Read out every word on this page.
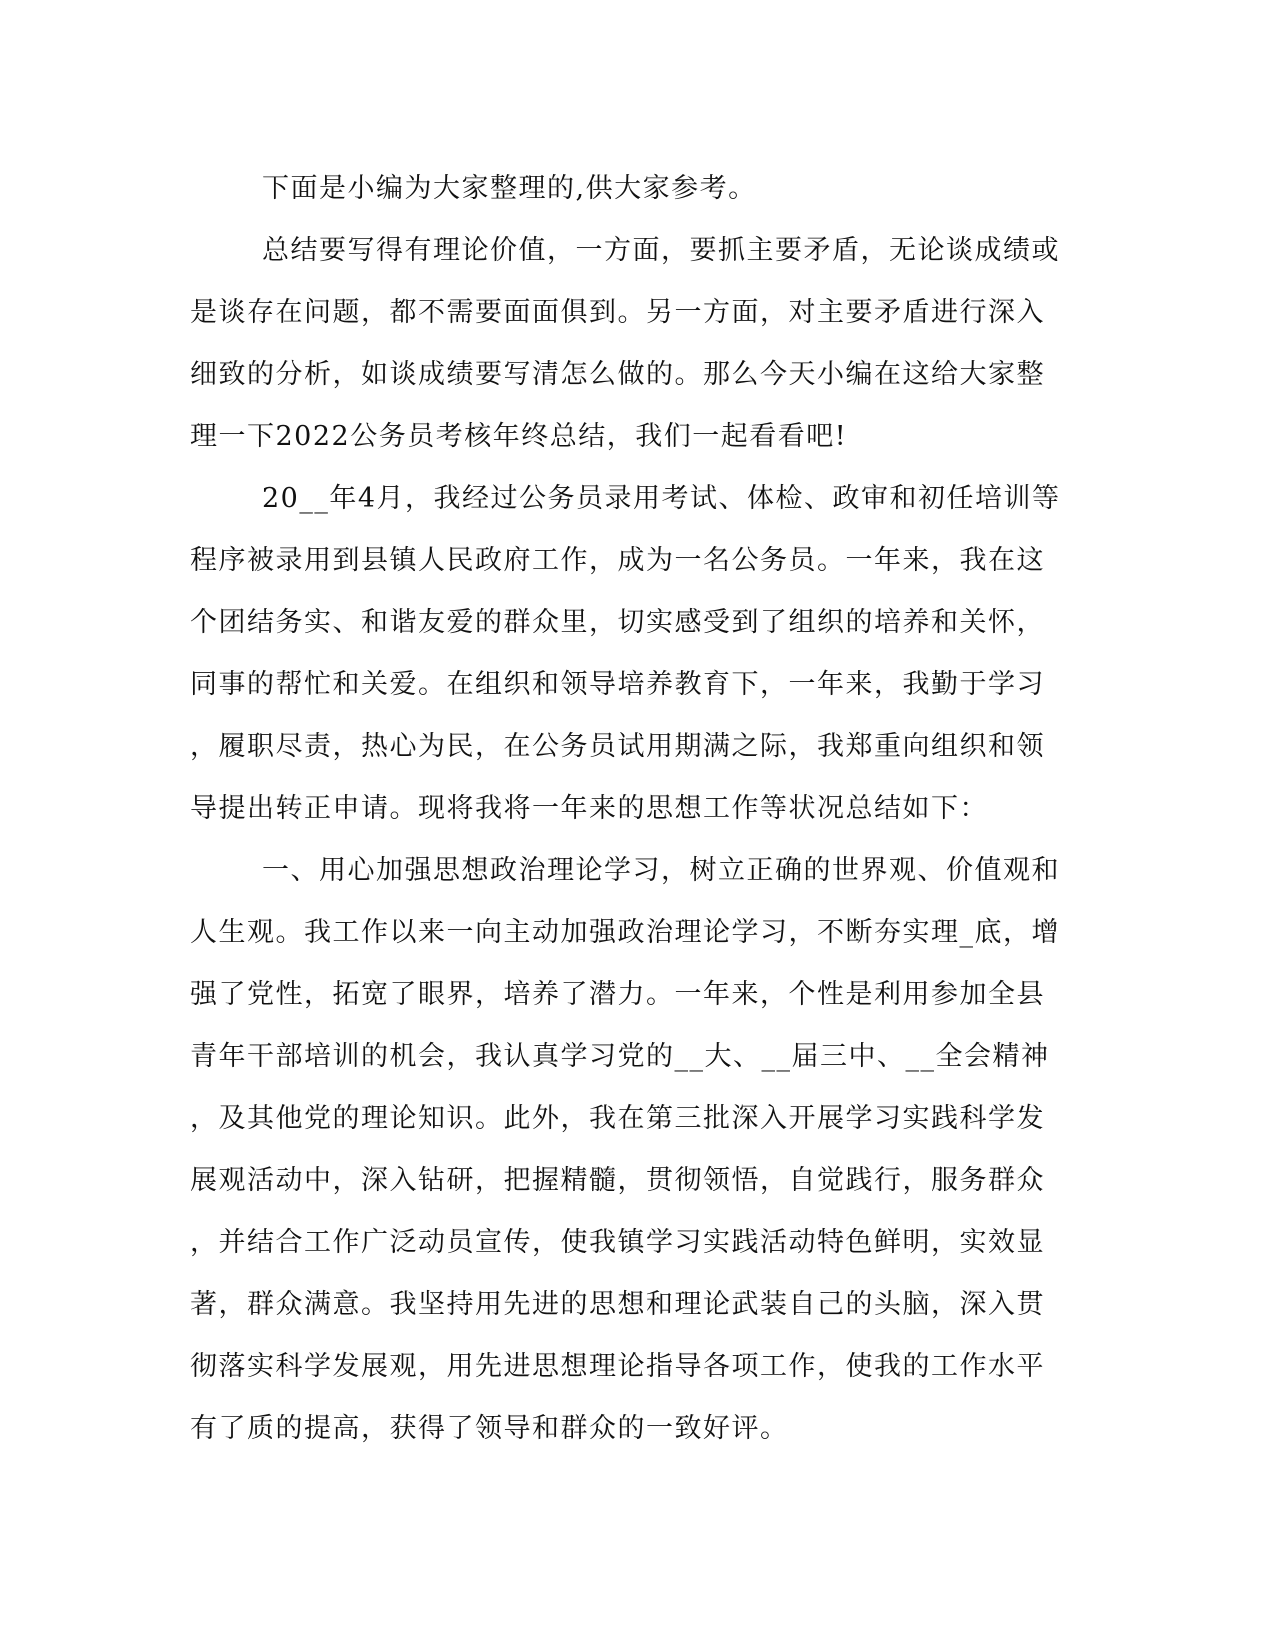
下面是小编为大家整理的,供大家参考。
总结要写得有理论价值，一方面，要抓主要矛盾，无论谈成绩或
是谈存在问题，都不需要面面俱到。另一方面，对主要矛盾进行深入
细致的分析，如谈成绩要写清怎么做的。那么今天小编在这给大家整
理一下2022公务员考核年终总结，我们一起看看吧!
20__年4月，我经过公务员录用考试、体检、政审和初任培训等
程序被录用到县镇人民政府工作，成为一名公务员。一年来，我在这
个团结务实、和谐友爱的群众里，切实感受到了组织的培养和关怀，
同事的帮忙和关爱。在组织和领导培养教育下，一年来，我勤于学习
，履职尽责，热心为民，在公务员试用期满之际，我郑重向组织和领
导提出转正申请。现将我将一年来的思想工作等状况总结如下：
一、用心加强思想政治理论学习，树立正确的世界观、价值观和
人生观。我工作以来一向主动加强政治理论学习，不断夯实理_底，增
强了党性，拓宽了眼界，培养了潜力。一年来，个性是利用参加全县
青年干部培训的机会，我认真学习党的__大、__届三中、__全会精神
，及其他党的理论知识。此外，我在第三批深入开展学习实践科学发
展观活动中，深入钻研，把握精髓，贯彻领悟，自觉践行，服务群众
，并结合工作广泛动员宣传，使我镇学习实践活动特色鲜明，实效显
著，群众满意。我坚持用先进的思想和理论武装自己的头脑，深入贯
彻落实科学发展观，用先进思想理论指导各项工作，使我的工作水平
有了质的提高，获得了领导和群众的一致好评。
